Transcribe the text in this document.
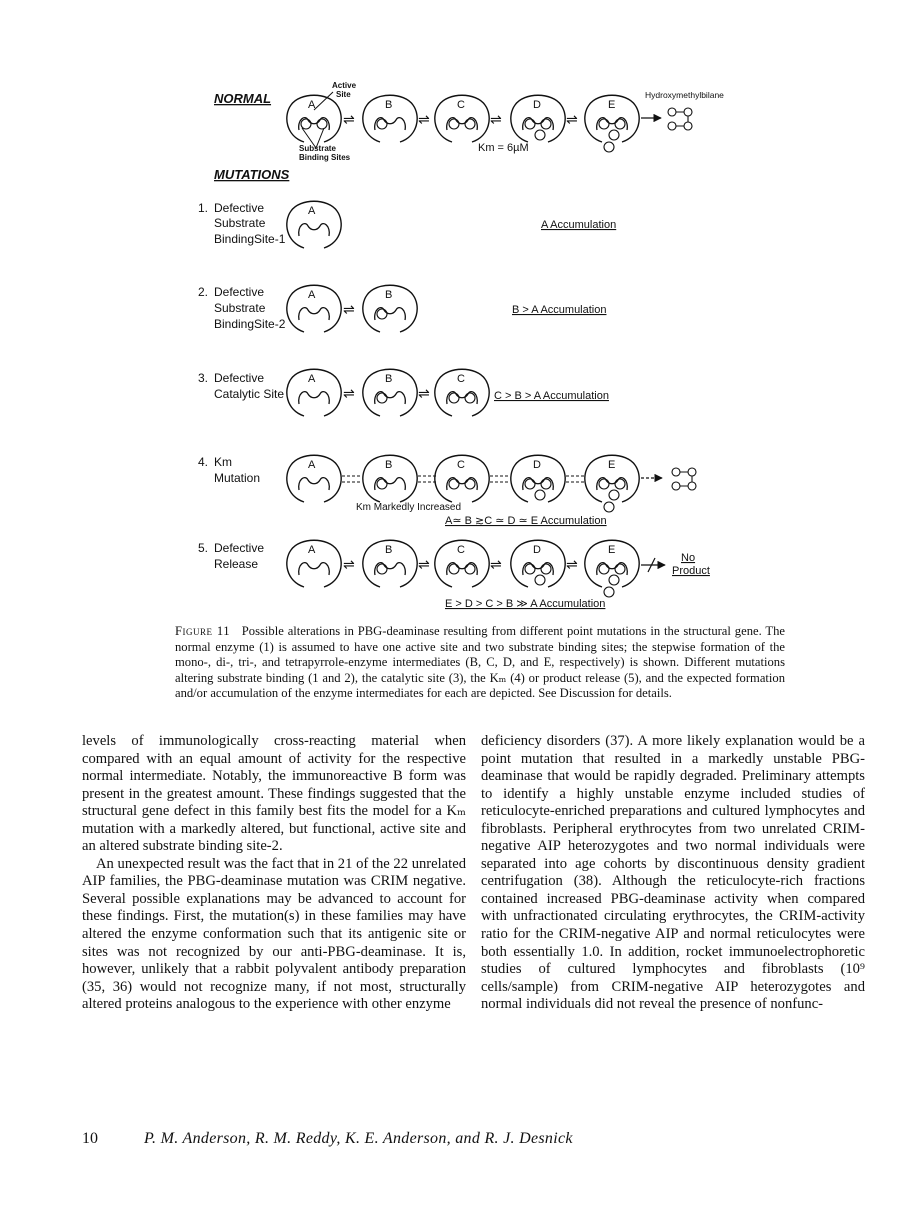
NORMAL
Active
Site
A
Substrate
Binding Sites
⇌
B
⇌
C
⇌
D
⇌
E
Hydroxymethylbilane
Km = 6µM
MUTATIONS
1. Defective
Substrate
BindingSite-1
A
A Accumulation
2. Defective
Substrate
BindingSite-2
A
⇌
B
B > A Accumulation
3. Defective
Catalytic Site
A
⇌
B
⇌
C
C > B > A Accumulation
4. Km
Mutation
A	B	C	D	E
Km Markedly Increased
A≃ B ≳C ≃ D ≃ E Accumulation
5. Defective
Release
A
⇌
B
⇌
C
⇌
D
⇌
E
No
Product
E > D > C > B ≫ A Accumulation
Figure 11 Possible alterations in PBG-deaminase resulting from different point mutations in the structural gene. The normal enzyme (1) is assumed to have one active site and two substrate binding sites; the stepwise formation of the mono-, di-, tri-, and tetrapyrrole-enzyme intermediates (B, C, D, and E, respectively) is shown. Different mutations altering substrate binding (1 and 2), the catalytic site (3), the Kₘ (4) or product release (5), and the expected formation and/or accumulation of the enzyme intermediates for each are depicted. See Discussion for details.

levels of immunologically cross-reacting material when compared with an equal amount of activity for the respective normal intermediate. Notably, the immunoreactive B form was present in the greatest amount. These findings suggested that the structural gene defect in this family best fits the model for a Kₘ mutation with a markedly altered, but functional, active site and an altered substrate binding site-2.

An unexpected result was the fact that in 21 of the 22 unrelated AIP families, the PBG-deaminase mutation was CRIM negative. Several possible explanations may be advanced to account for these findings. First, the mutation(s) in these families may have altered the enzyme conformation such that its antigenic site or sites was not recognized by our anti-PBG-deaminase. It is, however, unlikely that a rabbit polyvalent antibody preparation (35, 36) would not recognize many, if not most, structurally altered proteins analogous to the experience with other enzyme

deficiency disorders (37). A more likely explanation would be a point mutation that resulted in a markedly unstable PBG-deaminase that would be rapidly degraded. Preliminary attempts to identify a highly unstable enzyme included studies of reticulocyte-enriched preparations and cultured lymphocytes and fibroblasts. Peripheral erythrocytes from two unrelated CRIM-negative AIP heterozygotes and two normal individuals were separated into age cohorts by discontinuous density gradient centrifugation (38). Although the reticulocyte-rich fractions contained increased PBG-deaminase activity when compared with unfractionated circulating erythrocytes, the CRIM-activity ratio for the CRIM-negative AIP and normal reticulocytes were both essentially 1.0. In addition, rocket immunoelectrophoretic studies of cultured lymphocytes and fibroblasts (10⁹ cells/sample) from CRIM-negative AIP heterozygotes and normal individuals did not reveal the presence of nonfunc-

10	P. M. Anderson, R. M. Reddy, K. E. Anderson, and R. J. Desnick
